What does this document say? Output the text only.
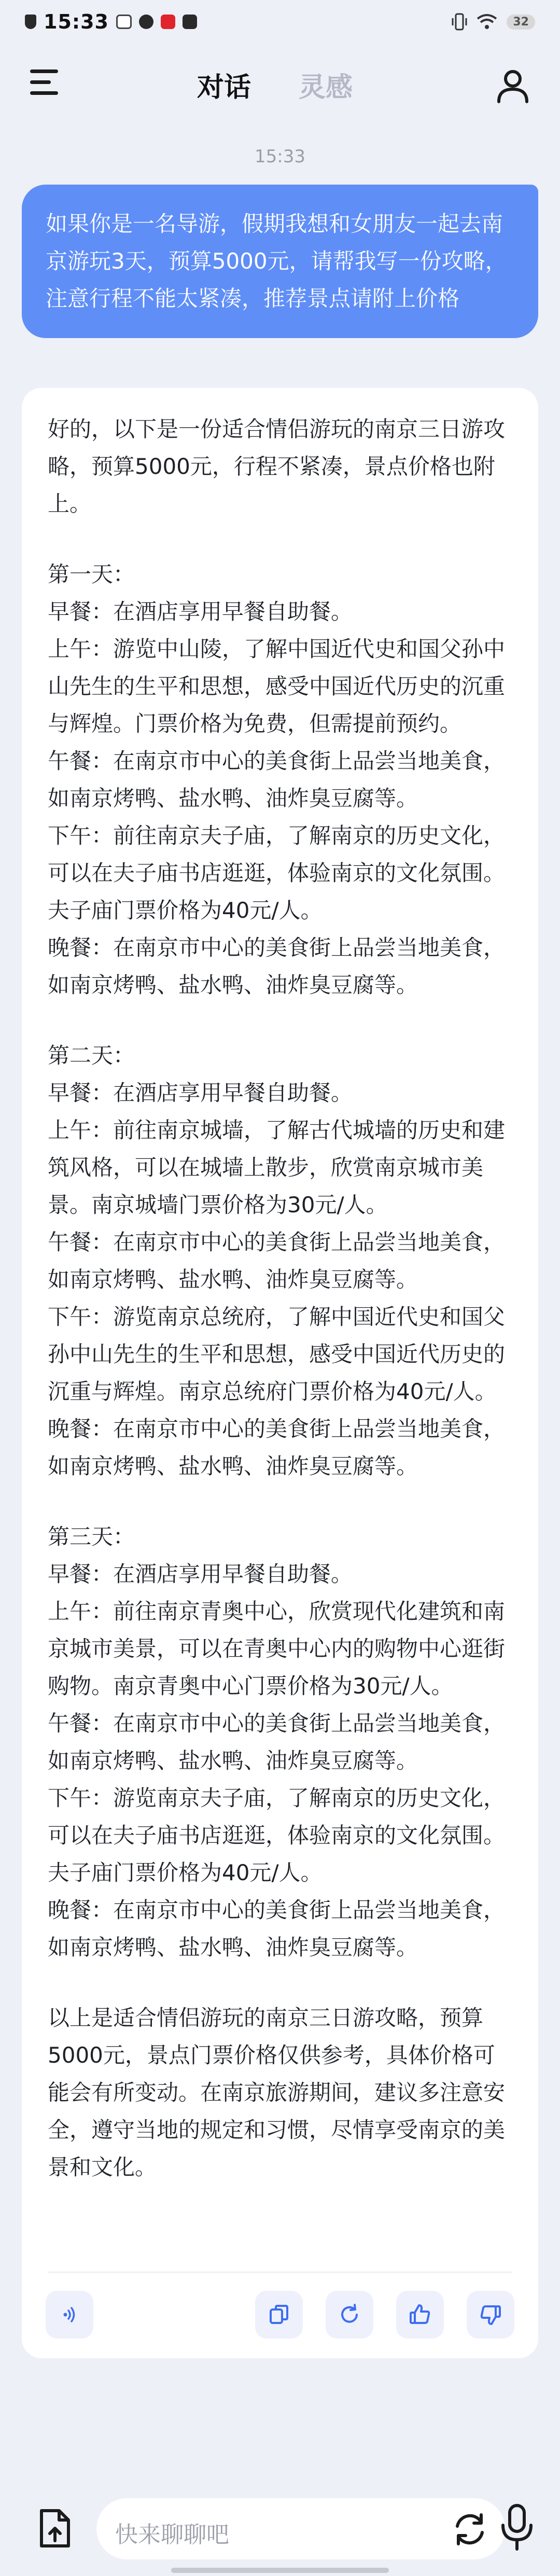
15:33	32
对话 灵感
15:33
如果你是一名导游，假期我想和女朋友一起去南京游玩3天，预算5000元，请帮我写一份攻略，注意行程不能太紧凑，推荐景点请附上价格

好的，以下是一份适合情侣游玩的南京三日游攻略，预算5000元，行程不紧凑，景点价格也附上。

第一天：

早餐：在酒店享用早餐自助餐。

上午：游览中山陵，了解中国近代史和国父孙中山先生的生平和思想，感受中国近代历史的沉重与辉煌。门票价格为免费，但需提前预约。

午餐：在南京市中心的美食街上品尝当地美食，如南京烤鸭、盐水鸭、油炸臭豆腐等。

下午：前往南京夫子庙，了解南京的历史文化，可以在夫子庙书店逛逛，体验南京的文化氛围。夫子庙门票价格为40元/人。

晚餐：在南京市中心的美食街上品尝当地美食，如南京烤鸭、盐水鸭、油炸臭豆腐等。

第二天：

早餐：在酒店享用早餐自助餐。

上午：前往南京城墙，了解古代城墙的历史和建筑风格，可以在城墙上散步，欣赏南京城市美景。南京城墙门票价格为30元/人。

午餐：在南京市中心的美食街上品尝当地美食，如南京烤鸭、盐水鸭、油炸臭豆腐等。

下午：游览南京总统府，了解中国近代史和国父孙中山先生的生平和思想，感受中国近代历史的沉重与辉煌。南京总统府门票价格为40元/人。

晚餐：在南京市中心的美食街上品尝当地美食，如南京烤鸭、盐水鸭、油炸臭豆腐等。

第三天：

早餐：在酒店享用早餐自助餐。

上午：前往南京青奥中心，欣赏现代化建筑和南京城市美景，可以在青奥中心内的购物中心逛街购物。南京青奥中心门票价格为30元/人。

午餐：在南京市中心的美食街上品尝当地美食，如南京烤鸭、盐水鸭、油炸臭豆腐等。

下午：游览南京夫子庙，了解南京的历史文化，可以在夫子庙书店逛逛，体验南京的文化氛围。夫子庙门票价格为40元/人。

晚餐：在南京市中心的美食街上品尝当地美食，如南京烤鸭、盐水鸭、油炸臭豆腐等。

以上是适合情侣游玩的南京三日游攻略，预算5000元，景点门票价格仅供参考，具体价格可能会有所变动。在南京旅游期间，建议多注意安全，遵守当地的规定和习惯，尽情享受南京的美景和文化。

快来聊聊吧
